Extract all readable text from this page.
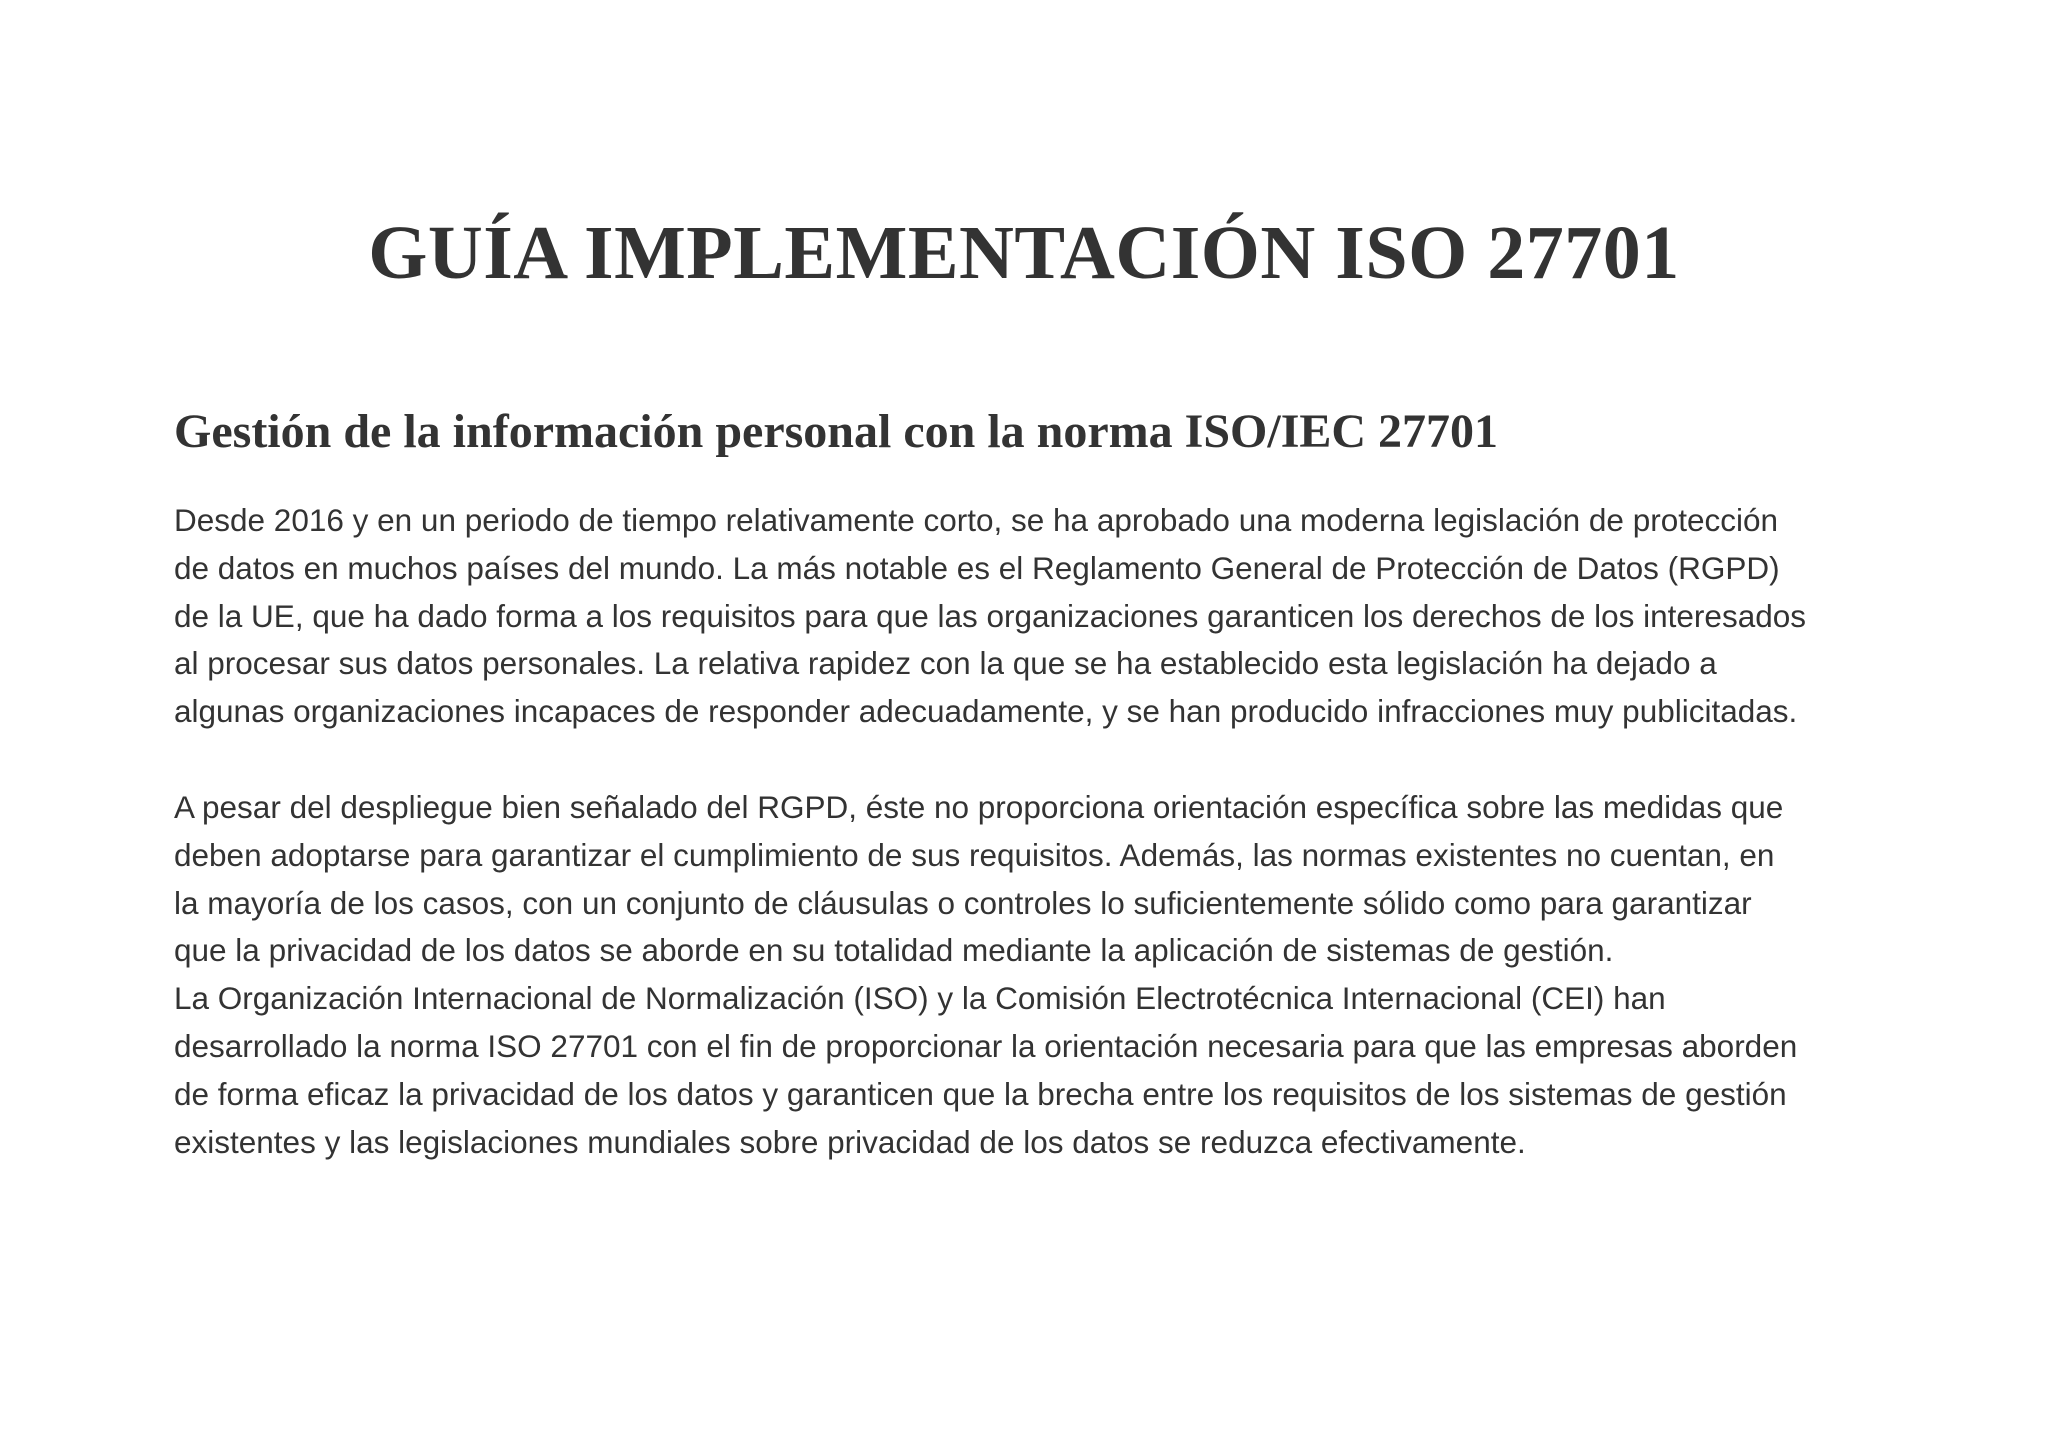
GUÍA IMPLEMENTACIÓN ISO 27701
Gestión de la información personal con la norma ISO/IEC 27701
Desde 2016 y en un periodo de tiempo relativamente corto, se ha aprobado una moderna legislación de protección
de datos en muchos países del mundo. La más notable es el Reglamento General de Protección de Datos (RGPD)
de la UE, que ha dado forma a los requisitos para que las organizaciones garanticen los derechos de los interesados
al procesar sus datos personales. La relativa rapidez con la que se ha establecido esta legislación ha dejado a
algunas organizaciones incapaces de responder adecuadamente, y se han producido infracciones muy publicitadas.
A pesar del despliegue bien señalado del RGPD, éste no proporciona orientación específica sobre las medidas que
deben adoptarse para garantizar el cumplimiento de sus requisitos. Además, las normas existentes no cuentan, en
la mayoría de los casos, con un conjunto de cláusulas o controles lo suficientemente sólido como para garantizar
que la privacidad de los datos se aborde en su totalidad mediante la aplicación de sistemas de gestión.
La Organización Internacional de Normalización (ISO) y la Comisión Electrotécnica Internacional (CEI) han
desarrollado la norma ISO 27701 con el fin de proporcionar la orientación necesaria para que las empresas aborden
de forma eficaz la privacidad de los datos y garanticen que la brecha entre los requisitos de los sistemas de gestión
existentes y las legislaciones mundiales sobre privacidad de los datos se reduzca efectivamente.
